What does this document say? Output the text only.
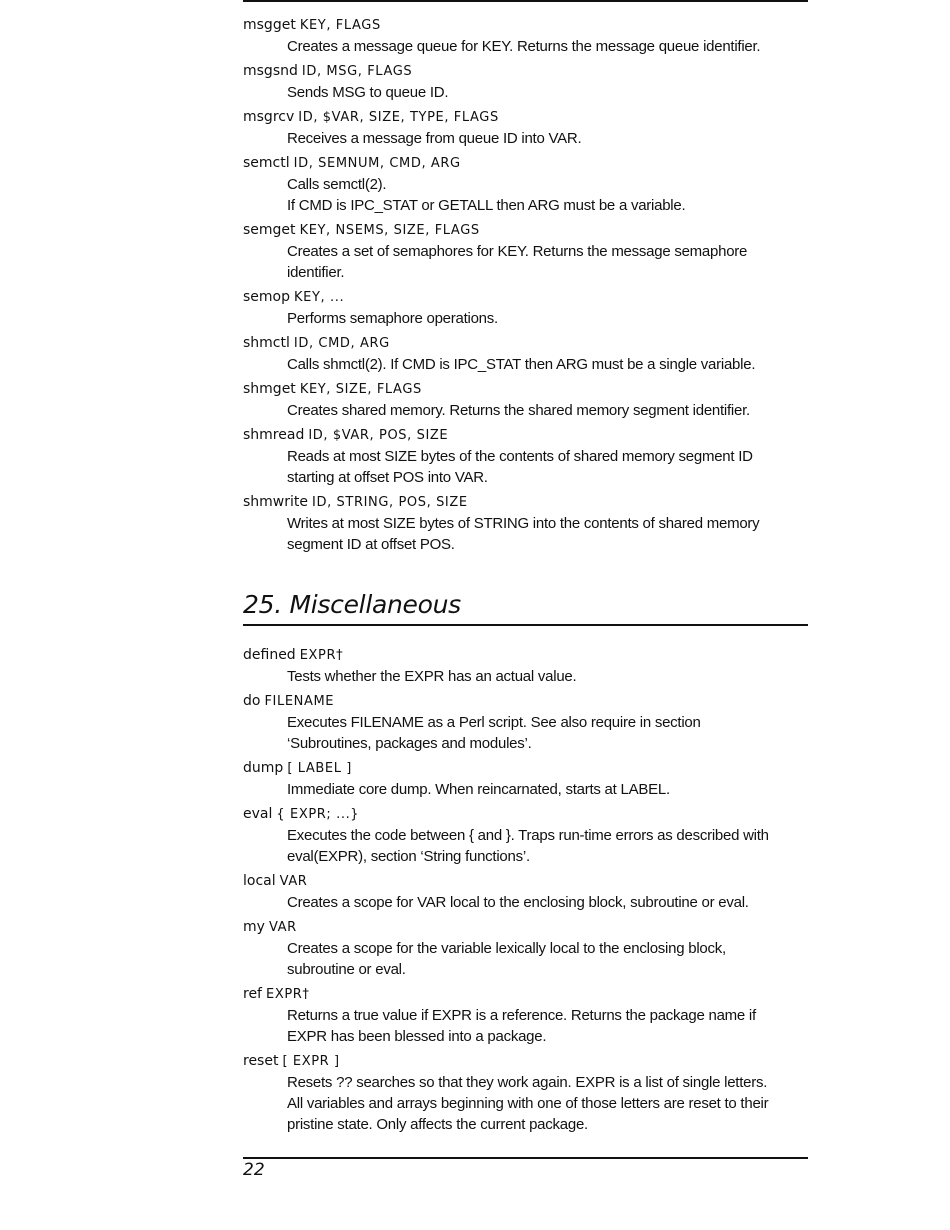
msgget KEY, FLAGS
Creates a message queue for KEY. Returns the message queue identifier.
msgsnd ID, MSG, FLAGS
Sends MSG to queue ID.
msgrcv ID, $VAR, SIZE, TYPE, FLAGS
Receives a message from queue ID into VAR.
semctl ID, SEMNUM, CMD, ARG
Calls semctl(2).
If CMD is IPC_STAT or GETALL then ARG must be a variable.
semget KEY, NSEMS, SIZE, FLAGS
Creates a set of semaphores for KEY. Returns the message semaphore
identifier.
semop KEY, ...
Performs semaphore operations.
shmctl ID, CMD, ARG
Calls shmctl(2). If CMD is IPC_STAT then ARG must be a single variable.
shmget KEY, SIZE, FLAGS
Creates shared memory. Returns the shared memory segment identifier.
shmread ID, $VAR, POS, SIZE
Reads at most SIZE bytes of the contents of shared memory segment ID
starting at offset POS into VAR.
shmwrite ID, STRING, POS, SIZE
Writes at most SIZE bytes of STRING into the contents of shared memory
segment ID at offset POS.
25. Miscellaneous
defined EXPR†
Tests whether the EXPR has an actual value.
do FILENAME
Executes FILENAME as a Perl script. See also require in section
‘Subroutines, packages and modules’.
dump [ LABEL ]
Immediate core dump. When reincarnated, starts at LABEL.
eval { EXPR; ...}
Executes the code between { and }. Traps run-time errors as described with
eval(EXPR), section ‘String functions’.
local VAR
Creates a scope for VAR local to the enclosing block, subroutine or eval.
my VAR
Creates a scope for the variable lexically local to the enclosing block,
subroutine or eval.
ref EXPR†
Returns a true value if EXPR is a reference. Returns the package name if
EXPR has been blessed into a package.
reset [ EXPR ]
Resets ?? searches so that they work again. EXPR is a list of single letters.
All variables and arrays beginning with one of those letters are reset to their
pristine state. Only affects the current package.
22
